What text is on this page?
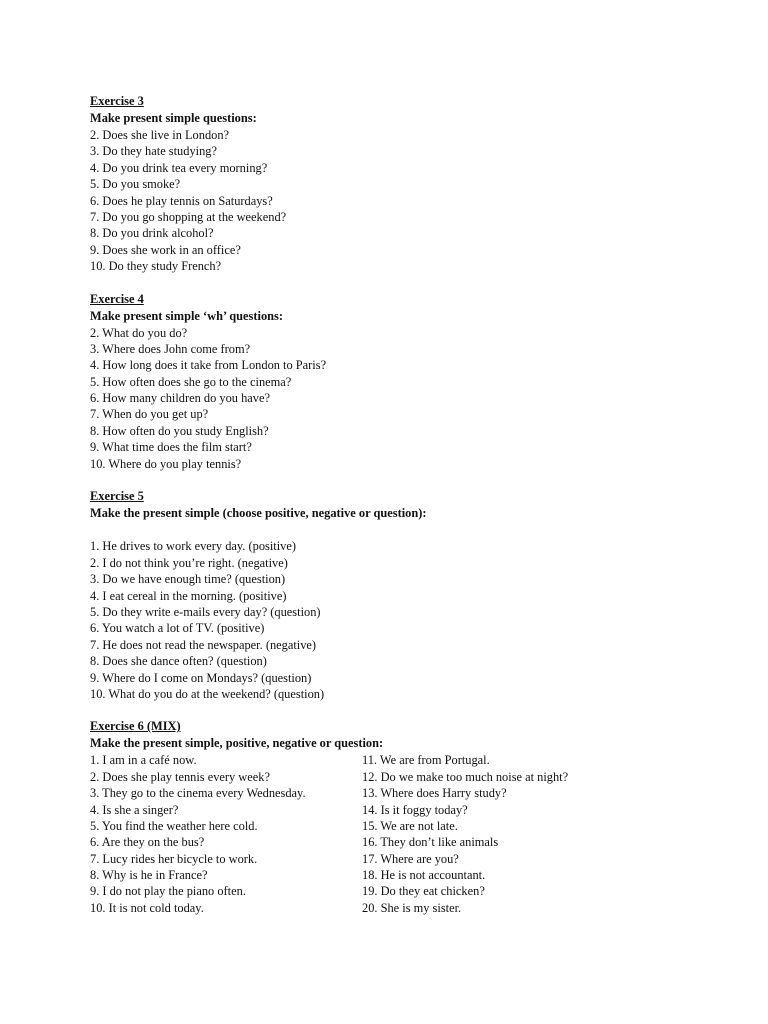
Exercise 3
Make present simple questions:
2. Does she live in London?
3. Do they hate studying?
4. Do you drink tea every morning?
5. Do you smoke?
6. Does he play tennis on Saturdays?
7. Do you go shopping at the weekend?
8. Do you drink alcohol?
9. Does she work in an office?
10. Do they study French?
Exercise 4
Make present simple ‘wh’ questions:
2. What do you do?
3. Where does John come from?
4. How long does it take from London to Paris?
5. How often does she go to the cinema?
6. How many children do you have?
7. When do you get up?
8. How often do you study English?
9. What time does the film start?
10. Where do you play tennis?
Exercise 5
Make the present simple (choose positive, negative or question):
1. He drives to work every day. (positive)
2. I do not think you’re right. (negative)
3. Do we have enough time? (question)
4. I eat cereal in the morning. (positive)
5. Do they write e-mails every day? (question)
6. You watch a lot of TV. (positive)
7. He does not read the newspaper. (negative)
8. Does she dance often? (question)
9. Where do I come on Mondays? (question)
10. What do you do at the weekend? (question)
Exercise 6 (MIX)
Make the present simple, positive, negative or question:
1. I am in a café now.
2. Does she play tennis every week?
3. They go to the cinema every Wednesday.
4. Is she a singer?
5. You find the weather here cold.
6. Are they on the bus?
7. Lucy rides her bicycle to work.
8. Why is he in France?
9. I do not play the piano often.
10. It is not cold today.
11. We are from Portugal.
12. Do we make too much noise at night?
13. Where does Harry study?
14. Is it foggy today?
15. We are not late.
16. They don’t like animals
17. Where are you?
18. He is not accountant.
19. Do they eat chicken?
20. She is my sister.
